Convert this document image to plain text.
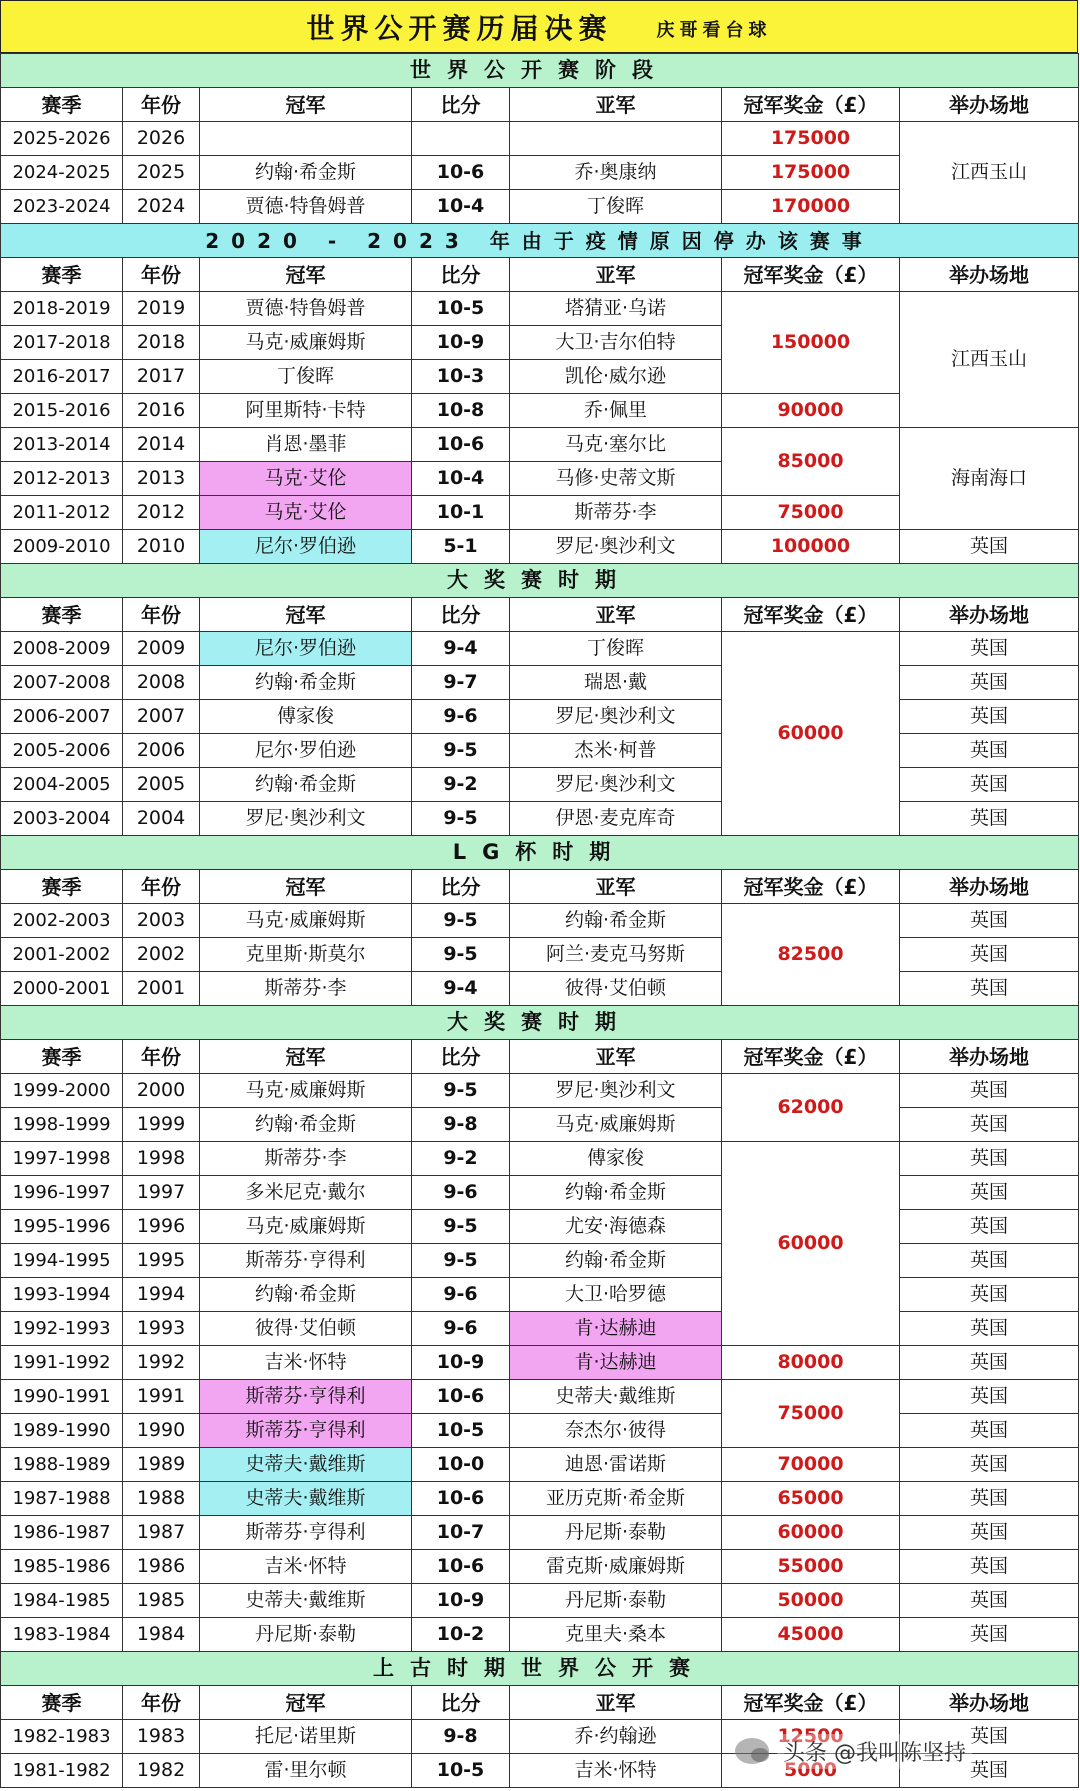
世界公开赛历届决赛 庆哥看台球
世界公开赛阶段						
赛季	年份	冠军	比分	亚军	冠军奖金（£）	举办场地
2025-2026	2026				175000	江西玉山
2024-2025	2025	约翰·希金斯	10-6	乔·奥康纳	175000	
2023-2024	2024	贾德·特鲁姆普	10-4	丁俊晖	170000	
2020 - 2023 年由于疫情原因停办该赛事						
赛季	年份	冠军	比分	亚军	冠军奖金（£）	举办场地
2018-2019	2019	贾德·特鲁姆普	10-5	塔猜亚·乌诺	150000	江西玉山
2017-2018	2018	马克·威廉姆斯	10-9	大卫·吉尔伯特		
2016-2017	2017	丁俊晖	10-3	凯伦·威尔逊		
2015-2016	2016	阿里斯特·卡特	10-8	乔·佩里	90000	
2013-2014	2014	肖恩·墨菲	10-6	马克·塞尔比	85000	海南海口
2012-2013	2013	马克·艾伦	10-4	马修·史蒂文斯		
2011-2012	2012	马克·艾伦	10-1	斯蒂芬·李	75000	
2009-2010	2010	尼尔·罗伯逊	5-1	罗尼·奥沙利文	100000	英国
大奖赛时期						
赛季	年份	冠军	比分	亚军	冠军奖金（£）	举办场地
2008-2009	2009	尼尔·罗伯逊	9-4	丁俊晖	60000	英国
2007-2008	2008	约翰·希金斯	9-7	瑞恩·戴		英国
2006-2007	2007	傅家俊	9-6	罗尼·奥沙利文		英国
2005-2006	2006	尼尔·罗伯逊	9-5	杰米·柯普		英国
2004-2005	2005	约翰·希金斯	9-2	罗尼·奥沙利文		英国
2003-2004	2004	罗尼·奥沙利文	9-5	伊恩·麦克库奇		英国
LG杯时期						
赛季	年份	冠军	比分	亚军	冠军奖金（£）	举办场地
2002-2003	2003	马克·威廉姆斯	9-5	约翰·希金斯	82500	英国
2001-2002	2002	克里斯·斯莫尔	9-5	阿兰·麦克马努斯		英国
2000-2001	2001	斯蒂芬·李	9-4	彼得·艾伯顿		英国
大奖赛时期						
赛季	年份	冠军	比分	亚军	冠军奖金（£）	举办场地
1999-2000	2000	马克·威廉姆斯	9-5	罗尼·奥沙利文	62000	英国
1998-1999	1999	约翰·希金斯	9-8	马克·威廉姆斯		英国
1997-1998	1998	斯蒂芬·李	9-2	傅家俊	60000	英国
1996-1997	1997	多米尼克·戴尔	9-6	约翰·希金斯		英国
1995-1996	1996	马克·威廉姆斯	9-5	尤安·海德森		英国
1994-1995	1995	斯蒂芬·亨得利	9-5	约翰·希金斯		英国
1993-1994	1994	约翰·希金斯	9-6	大卫·哈罗德		英国
1992-1993	1993	彼得·艾伯顿	9-6	肯·达赫迪		英国
1991-1992	1992	吉米·怀特	10-9	肯·达赫迪	80000	英国
1990-1991	1991	斯蒂芬·亨得利	10-6	史蒂夫·戴维斯	75000	英国
1989-1990	1990	斯蒂芬·亨得利	10-5	奈杰尔·彼得		英国
1988-1989	1989	史蒂夫·戴维斯	10-0	迪恩·雷诺斯	70000	英国
1987-1988	1988	史蒂夫·戴维斯	10-6	亚历克斯·希金斯	65000	英国
1986-1987	1987	斯蒂芬·亨得利	10-7	丹尼斯·泰勒	60000	英国
1985-1986	1986	吉米·怀特	10-6	雷克斯·威廉姆斯	55000	英国
1984-1985	1985	史蒂夫·戴维斯	10-9	丹尼斯·泰勒	50000	英国
1983-1984	1984	丹尼斯·泰勒	10-2	克里夫·桑本	45000	英国
上古时期世界公开赛						
赛季	年份	冠军	比分	亚军	冠军奖金（£）	举办场地
1982-1983	1983	托尼·诺里斯	9-8	乔·约翰逊	12500	英国
1981-1982	1982	雷·里尔顿	10-5	吉米·怀特	5000	英国
头条 @我叫陈坚持
